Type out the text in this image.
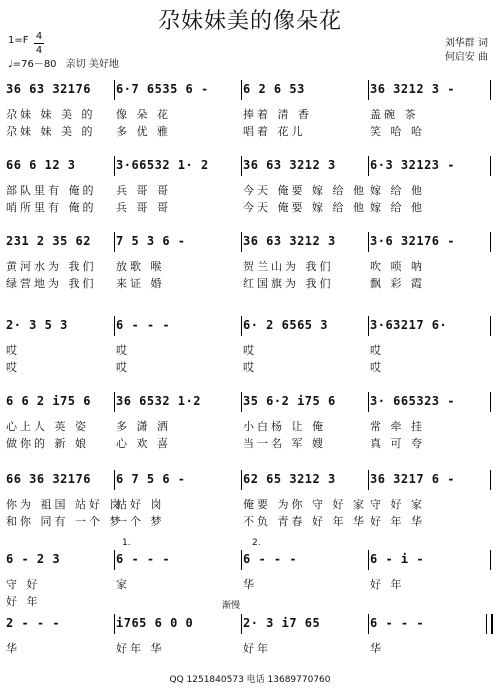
尕妹妹美的像朵花
1=F 4
4
♩=76－80 亲切 美好地
刘华群 词
何启安 曲
36 63 32176
尕妹 妹 美 的
尕妹 妹 美 的
6·7 6535 6 -
像 朵 花
多 优 雅
6 2 6 53
捧着 清 香
唱着 花儿
36 3212 3 -
盖碗 茶
笑 哈 哈
66 6 12 3
部队里有 俺的
哨所里有 俺的
3·66532 1· 2
兵 哥 哥
兵 哥 哥
36 63 3212 3
今天 俺要 嫁 给 他
今天 俺要 嫁 给 他
6·3 32123 -
嫁 给 他
嫁 给 他
231 2 35 62
黄河水为 我们
绿营地为 我们
7 5 3 6 -
放歌 喉
来证 婚
36 63 3212 3
贺兰山为 我们
红国旗为 我们
3·6 32176 -
吹 唢 呐
飘 彩 霞
2· 3 5 3
哎
哎
6 - - -
哎
哎
6· 2 6565 3
哎
哎
3·63217 6·
哎
哎
6 6 2 i75 6
心上人 英 姿
做你的 新 娘
36 6532 1·2
多 潇 洒
心 欢 喜
35 6·2 i75 6
小白杨 让 俺
当一名 军 嫂
3· 665323 -
常 牵 挂
真 可 夸
66 36 32176
你为 祖国 站好 岗
和你 同有 一个 梦
6 7 5 6 -
站好 岗
一个 梦
62 65 3212 3
俺要 为你 守 好 家
不负 青春 好 年 华
36 3217 6 -
守 好 家
好 年 华
6 - 2 3
守 好
好 年
6 - - -
家
6 - - -
华
6 - i -
好 年
2 - - -
华
i765 6 0 0
好年 华
2· 3 i7 65
好年
6 - - -
华
1.	2.
渐慢
QQ 1251840573 电话 13689770760
